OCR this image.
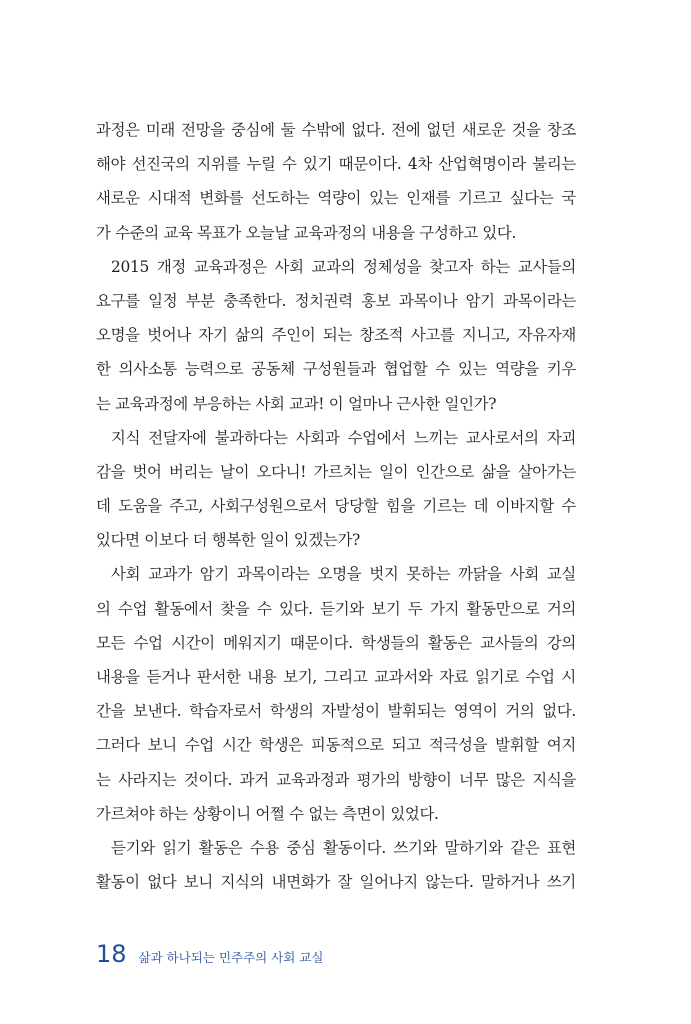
과정은 미래 전망을 중심에 둘 수밖에 없다. 전에 없던 새로운 것을 창조
해야 선진국의 지위를 누릴 수 있기 때문이다. 4차 산업혁명이라 불리는
새로운 시대적 변화를 선도하는 역량이 있는 인재를 기르고 싶다는 국
가 수준의 교육 목표가 오늘날 교육과정의 내용을 구성하고 있다.
2015 개정 교육과정은 사회 교과의 정체성을 찾고자 하는 교사들의
요구를 일정 부분 충족한다. 정치권력 홍보 과목이나 암기 과목이라는
오명을 벗어나 자기 삶의 주인이 되는 창조적 사고를 지니고, 자유자재
한 의사소통 능력으로 공동체 구성원들과 협업할 수 있는 역량을 키우
는 교육과정에 부응하는 사회 교과! 이 얼마나 근사한 일인가?
지식 전달자에 불과하다는 사회과 수업에서 느끼는 교사로서의 자괴
감을 벗어 버리는 날이 오다니! 가르치는 일이 인간으로 삶을 살아가는
데 도움을 주고, 사회구성원으로서 당당할 힘을 기르는 데 이바지할 수
있다면 이보다 더 행복한 일이 있겠는가?
사회 교과가 암기 과목이라는 오명을 벗지 못하는 까닭을 사회 교실
의 수업 활동에서 찾을 수 있다. 듣기와 보기 두 가지 활동만으로 거의
모든 수업 시간이 메워지기 때문이다. 학생들의 활동은 교사들의 강의
내용을 듣거나 판서한 내용 보기, 그리고 교과서와 자료 읽기로 수업 시
간을 보낸다. 학습자로서 학생의 자발성이 발휘되는 영역이 거의 없다.
그러다 보니 수업 시간 학생은 피동적으로 되고 적극성을 발휘할 여지
는 사라지는 것이다. 과거 교육과정과 평가의 방향이 너무 많은 지식을
가르쳐야 하는 상황이니 어쩔 수 없는 측면이 있었다.
듣기와 읽기 활동은 수용 중심 활동이다. 쓰기와 말하기와 같은 표현
활동이 없다 보니 지식의 내면화가 잘 일어나지 않는다. 말하거나 쓰기
18 삶과 하나되는 민주주의 사회 교실
